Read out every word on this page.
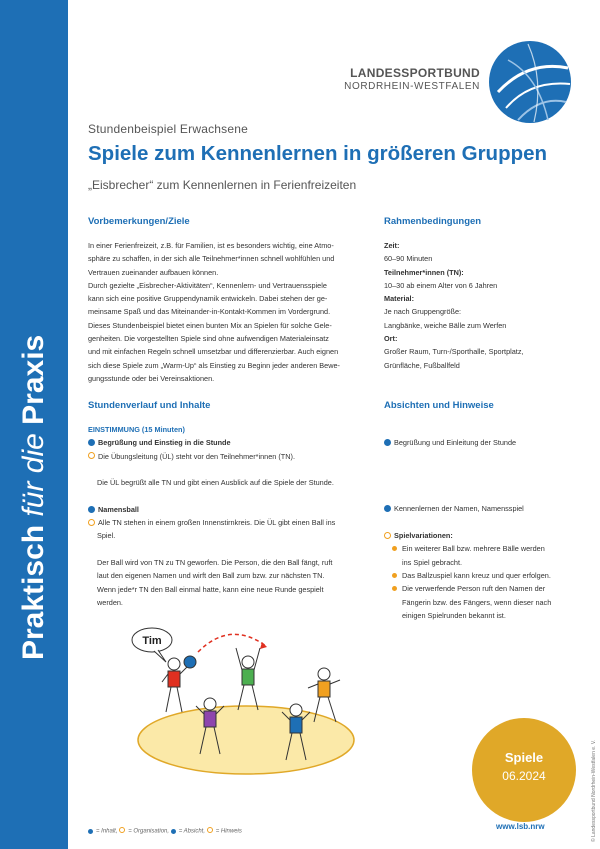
Praktisch für die Praxis
LANDESSPORTBUND
NORDRHEIN-WESTFALEN
Stundenbeispiel Erwachsene
Spiele zum Kennenlernen in größeren Gruppen
„Eisbrecher“ zum Kennenlernen in Ferienfreizeiten
Vorbemerkungen/Ziele

In einer Ferienfreizeit, z.B. für Familien, ist es besonders wichtig, eine Atmo-

sphäre zu schaffen, in der sich alle Teilnehmer*innen schnell wohlfühlen und

Vertrauen zueinander aufbauen können.

Durch gezielte „Eisbrecher-Aktivitäten“, Kennenlern- und Vertrauensspiele

kann sich eine positive Gruppendynamik entwickeln. Dabei stehen der ge-

meinsame Spaß und das Miteinander-in-Kontakt-Kommen im Vordergrund.

Dieses Stundenbeispiel bietet einen bunten Mix an Spielen für solche Gele-

genheiten. Die vorgestellten Spiele sind ohne aufwendigen Materialeinsatz

und mit einfachen Regeln schnell umsetzbar und differenzierbar. Auch eignen

sich diese Spiele zum „Warm-Up“ als Einstieg zu Beginn jeder anderen Bewe-

gungsstunde oder bei Vereinsaktionen.

Rahmenbedingungen

Zeit:

60–90 Minuten

Teilnehmer*innen (TN):

10–30 ab einem Alter von 6 Jahren

Material:

Je nach Gruppengröße:

Langbänke, weiche Bälle zum Werfen

Ort:

Großer Raum, Turn-/Sporthalle, Sportplatz,

Grünfläche, Fußballfeld

Stundenverlauf und Inhalte	Absichten und Hinweise

EINSTIMMUNG (15 Minuten)

Begrüßung und Einstieg in die Stunde

Die Übungsleitung (ÜL) steht vor den Teilnehmer*innen (TN).

Die ÜL begrüßt alle TN und gibt einen Ausblick auf die Spiele der Stunde.

Namensball

Alle TN stehen in einem großen Innenstirnkreis. Die ÜL gibt einen Ball ins

Spiel.

Der Ball wird von TN zu TN geworfen. Die Person, die den Ball fängt, ruft

laut den eigenen Namen und wirft den Ball zum bzw. zur nächsten TN.

Wenn jede*r TN den Ball einmal hatte, kann eine neue Runde gespielt

werden.

Begrüßung und Einleitung der Stunde

Kennenlernen der Namen, Namensspiel

Spielvariationen:

Ein weiterer Ball bzw. mehrere Bälle werden
ins Spiel gebracht.
Das Ballzuspiel kann kreuz und quer erfolgen.
Die verwerfende Person ruft den Namen der
Fängerin bzw. des Fängers, wenn dieser nach
einigen Spielrunden bekannt ist.
Tim
Spiele
06.2024
www.lsb.nrw
= Inhalt, = Organisation, = Absicht, = Hinweis	© Landessportbund Nordrhein-Westfalen e. V.
